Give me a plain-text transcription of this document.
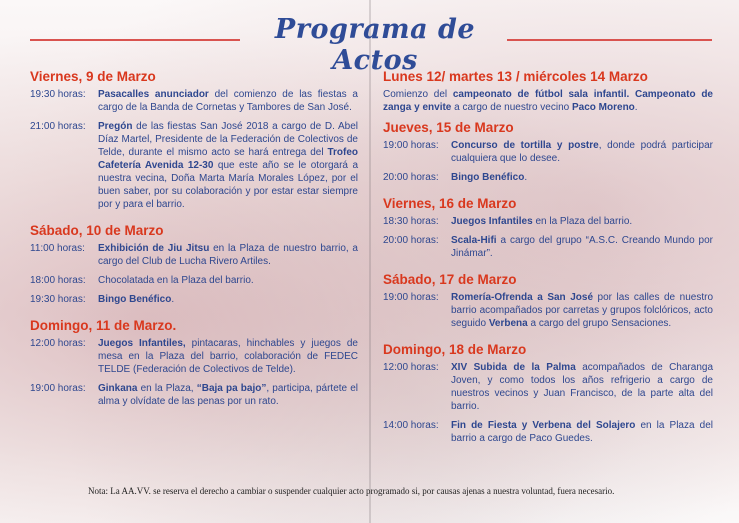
Programa de Actos
Viernes, 9 de Marzo
19:30 horas:	Pasacalles anunciador del comienzo de las fiestas a cargo de la Banda de Cornetas y Tambores de San José.
21:00 horas:	Pregón de las fiestas San José 2018 a cargo de D. Abel Díaz Martel, Presidente de la Federación de Colectivos de Telde, durante el mismo acto se hará entrega del Trofeo Cafetería Avenida 12-30 que este año se le otorgará a nuestra vecina, Doña Marta María Morales López, por el buen saber, por su colaboración y por estar estar siempre por y para el barrio.
Sábado, 10 de Marzo
11:00 horas:	Exhibición de Jiu Jitsu en la Plaza de nuestro barrio, a cargo del Club de Lucha Rivero Artiles.
18:00 horas:	Chocolatada en la Plaza del barrio.
19:30 horas:	Bingo Benéfico.
Domingo, 11 de Marzo.
12:00 horas:	Juegos Infantiles, pintacaras, hinchables y juegos de mesa en la Plaza del barrio, colaboración de FEDEC TELDE (Federación de Colectivos de Telde).
19:00 horas:	Ginkana en la Plaza, “Baja pa bajo”, participa, pártete el alma y olvídate de las penas por un rato.
Lunes 12/ martes 13 / miércoles 14 Marzo
Comienzo del campeonato de fútbol sala infantil. Campeonato de zanga y envite a cargo de nuestro vecino Paco Moreno.
Jueves, 15 de Marzo
19:00 horas:	Concurso de tortilla y postre, donde podrá participar cualquiera que lo desee.
20:00 horas:	Bingo Benéfico.
Viernes, 16 de Marzo
18:30 horas:	Juegos Infantiles en la Plaza del barrio.
20:00 horas:	Scala-Hifi a cargo del grupo “A.S.C. Creando Mundo por Jinámar”.
Sábado, 17 de Marzo
19:00 horas:	Romería-Ofrenda a San José por las calles de nuestro barrio acompañados por carretas y grupos folclóricos, acto seguido Verbena a cargo del grupo Sensaciones.
Domingo, 18 de Marzo
12:00 horas:	XIV Subida de la Palma acompañados de Charanga Joven, y como todos los años refrigerio a cargo de nuestros vecinos y Juan Francisco, de la parte alta del barrio.
14:00 horas:	Fin de Fiesta y Verbena del Solajero en la Plaza del barrio a cargo de Paco Guedes.
Nota: La AA.VV. se reserva el derecho a cambiar o suspender cualquier acto programado si, por causas ajenas a nuestra voluntad, fuera necesario.
